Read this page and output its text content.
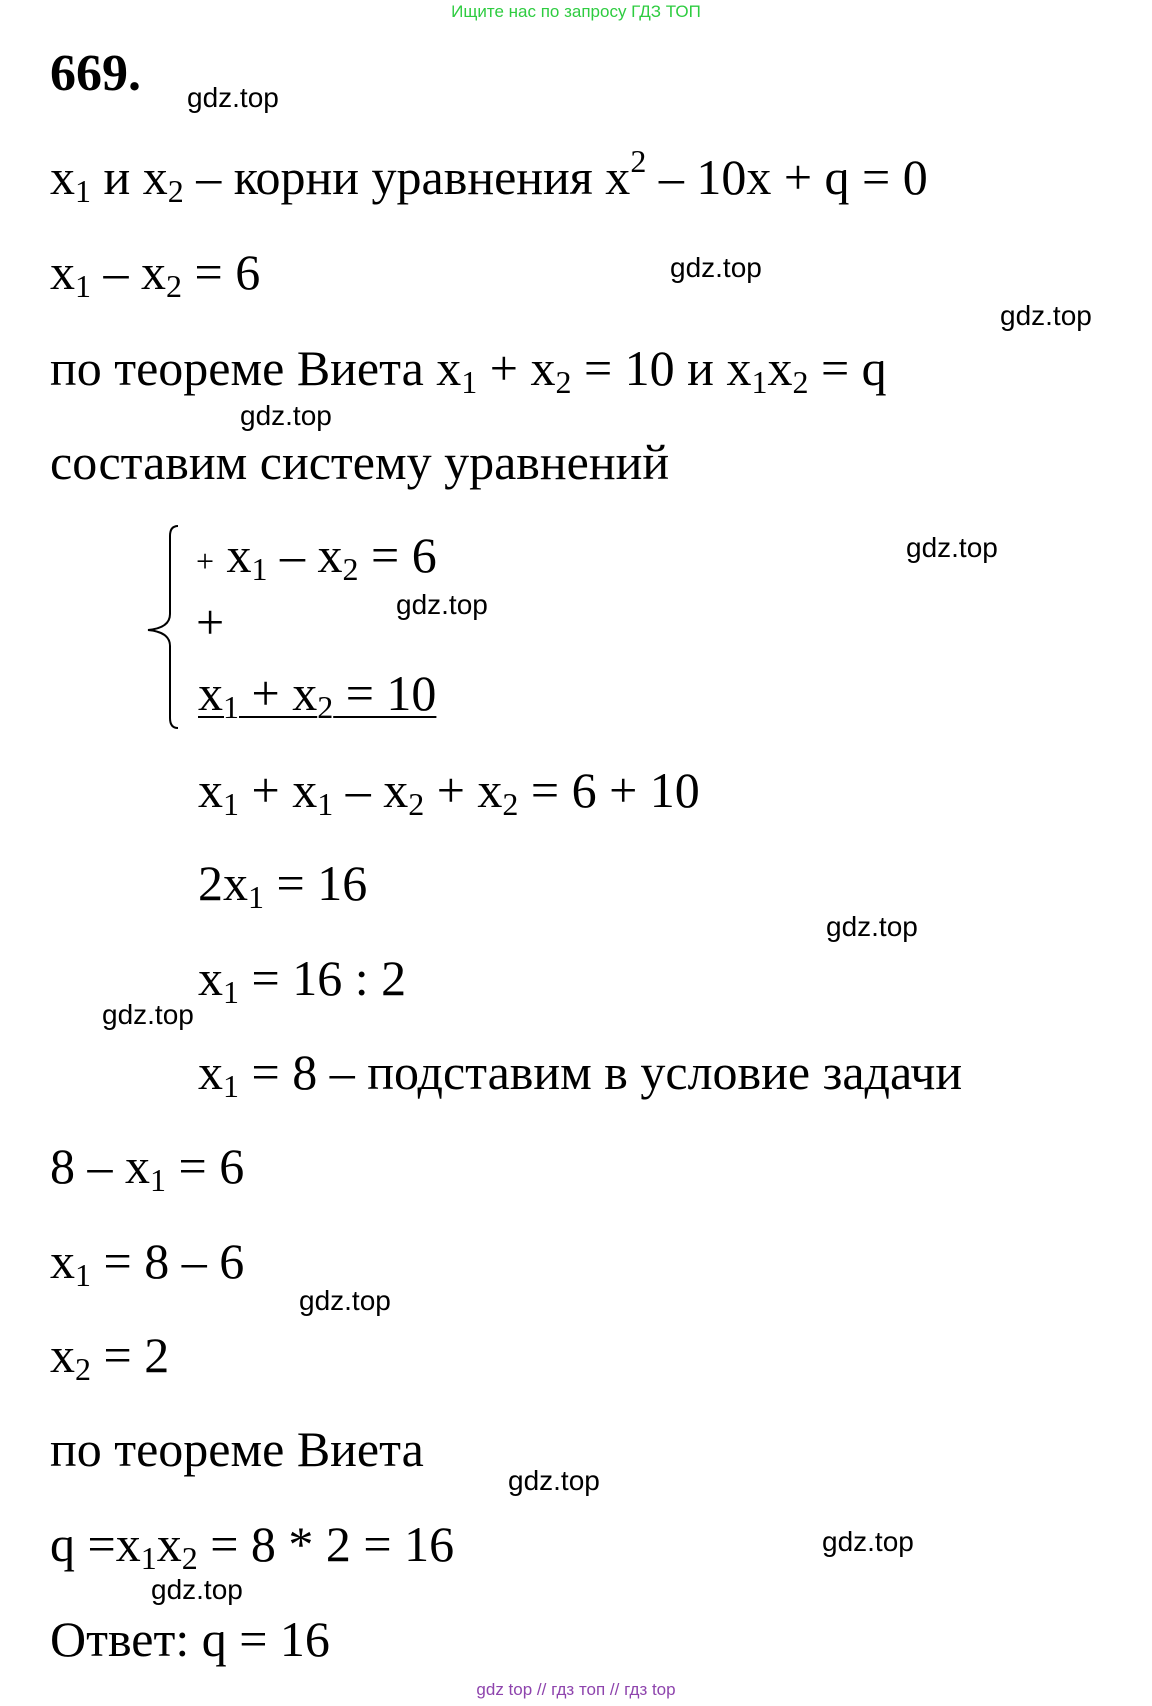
Ищите нас по запросу ГДЗ ТОП
669.
$x_1$ и $x_2$ – корни уравнения $x^2 - 10x + q = 0$
$x_1 - x_2 = 6$
по теореме Виета $x_1 + x_2 = 10$ и $x_1x_2 = q$
составим систему уравнений
+ $x_1 - x_2 = 6$
+
$x_1 + x_2 = 10$
$x_1 + x_1 - x_2 + x_2 = 6 + 10$
$2x_1 = 16$
$x_1 = 16$ : 2
$x_1 = 8$ – подставим в условие задачи
$8 - x_1 = 6$
$x_1 = 8 - 6$
$x_2 = 2$
по теореме Виета
$q =x_1x_2 = 8 * 2 = 16$
Ответ: q = 16
gdz.top
gdz.top
gdz.top
gdz.top
gdz.top
gdz.top
gdz.top
gdz.top
gdz.top
gdz.top
gdz.top
gdz.top
gdz top // гдз топ // гдз top
